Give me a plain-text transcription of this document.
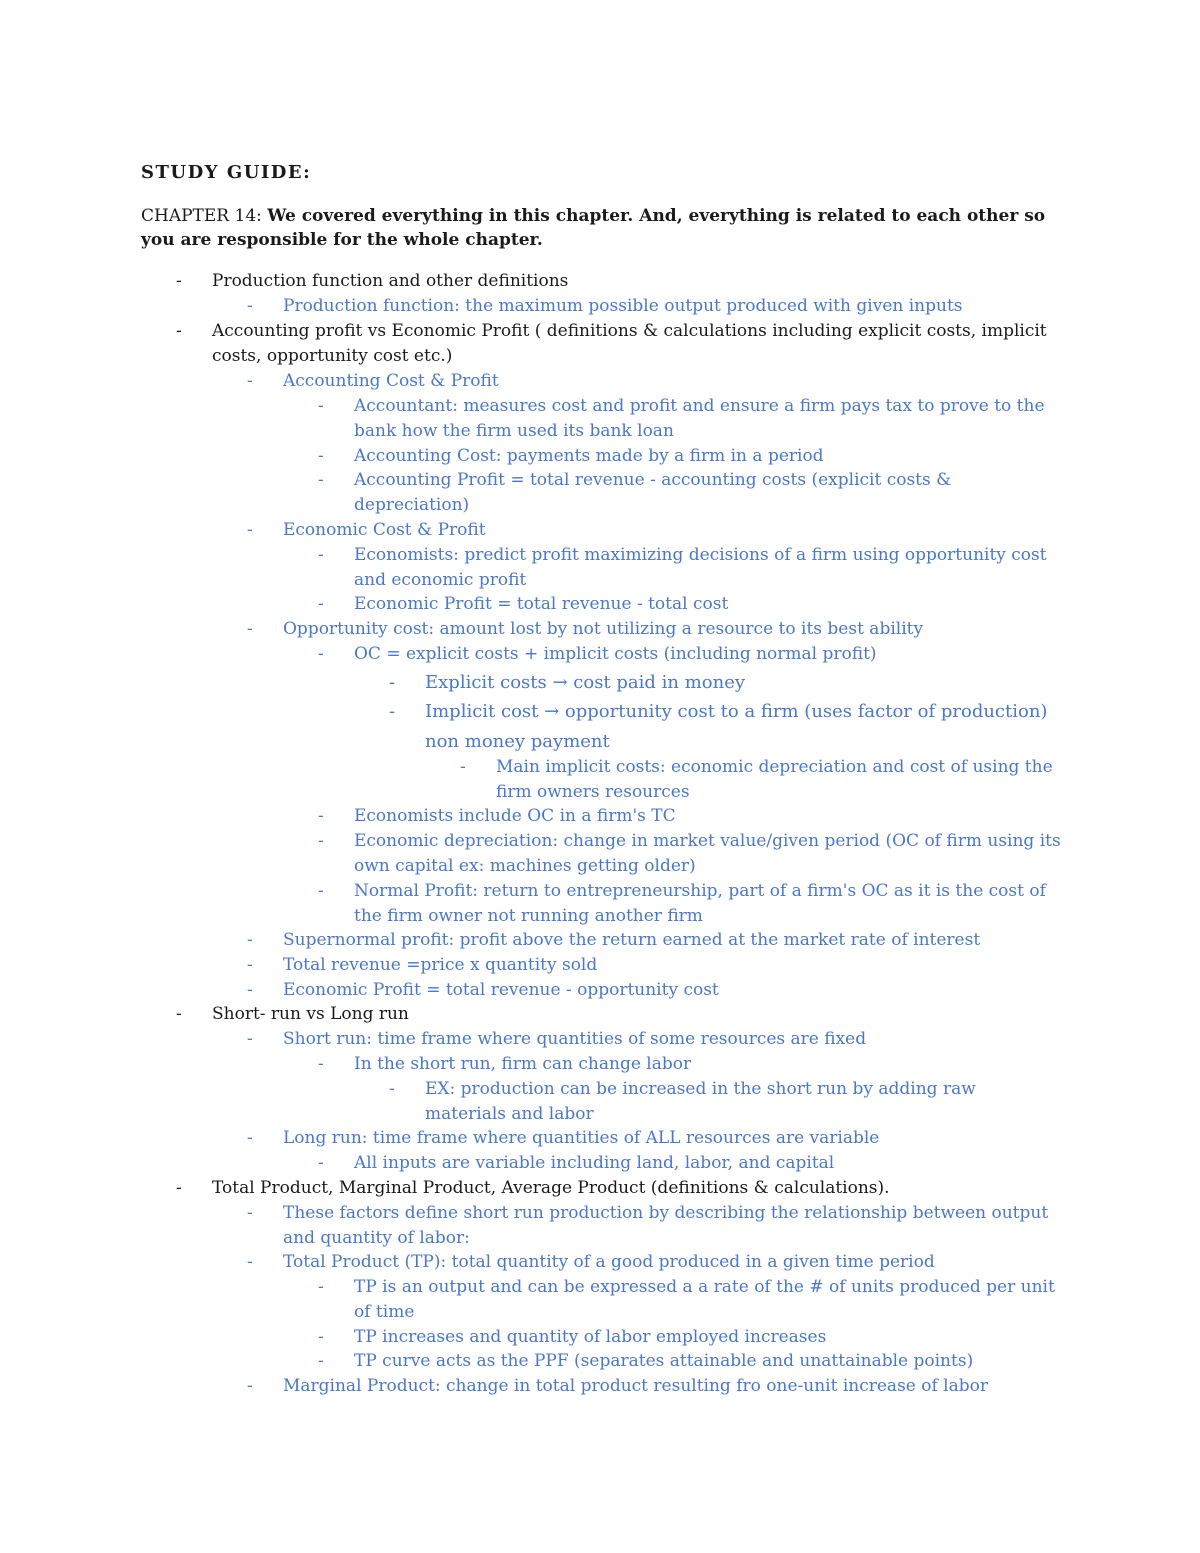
STUDY GUIDE:
CHAPTER 14: We covered everything in this chapter. And, everything is related to each other so you are responsible for the whole chapter.
- Production function and other definitions
- Production function: the maximum possible output produced with given inputs
- Accounting profit vs Economic Profit ( definitions & calculations including explicit costs, implicit costs, opportunity cost etc.)
- Accounting Cost & Profit
- Accountant: measures cost and profit and ensure a firm pays tax to prove to the bank how the firm used its bank loan
- Accounting Cost: payments made by a firm in a period
- Accounting Profit = total revenue - accounting costs (explicit costs & depreciation)
- Economic Cost & Profit
- Economists: predict profit maximizing decisions of a firm using opportunity cost and economic profit
- Economic Profit = total revenue - total cost
- Opportunity cost: amount lost by not utilizing a resource to its best ability
- OC = explicit costs + implicit costs (including normal profit)
- Explicit costs → cost paid in money
- Implicit cost → opportunity cost to a firm (uses factor of production) non money payment
- Main implicit costs: economic depreciation and cost of using the firm owners resources
- Economists include OC in a firm's TC
- Economic depreciation: change in market value/given period (OC of firm using its own capital ex: machines getting older)
- Normal Profit: return to entrepreneurship, part of a firm's OC as it is the cost of the firm owner not running another firm
- Supernormal profit: profit above the return earned at the market rate of interest
- Total revenue =price x quantity sold
- Economic Profit = total revenue - opportunity cost
- Short- run vs Long run
- Short run: time frame where quantities of some resources are fixed
- In the short run, firm can change labor
- EX: production can be increased in the short run by adding raw materials and labor
- Long run: time frame where quantities of ALL resources are variable
- All inputs are variable including land, labor, and capital
- Total Product, Marginal Product, Average Product (definitions & calculations).
- These factors define short run production by describing the relationship between output and quantity of labor:
- Total Product (TP): total quantity of a good produced in a given time period
- TP is an output and can be expressed a a rate of the # of units produced per unit of time
- TP increases and quantity of labor employed increases
- TP curve acts as the PPF (separates attainable and unattainable points)
- Marginal Product: change in total product resulting fro one-unit increase of labor
